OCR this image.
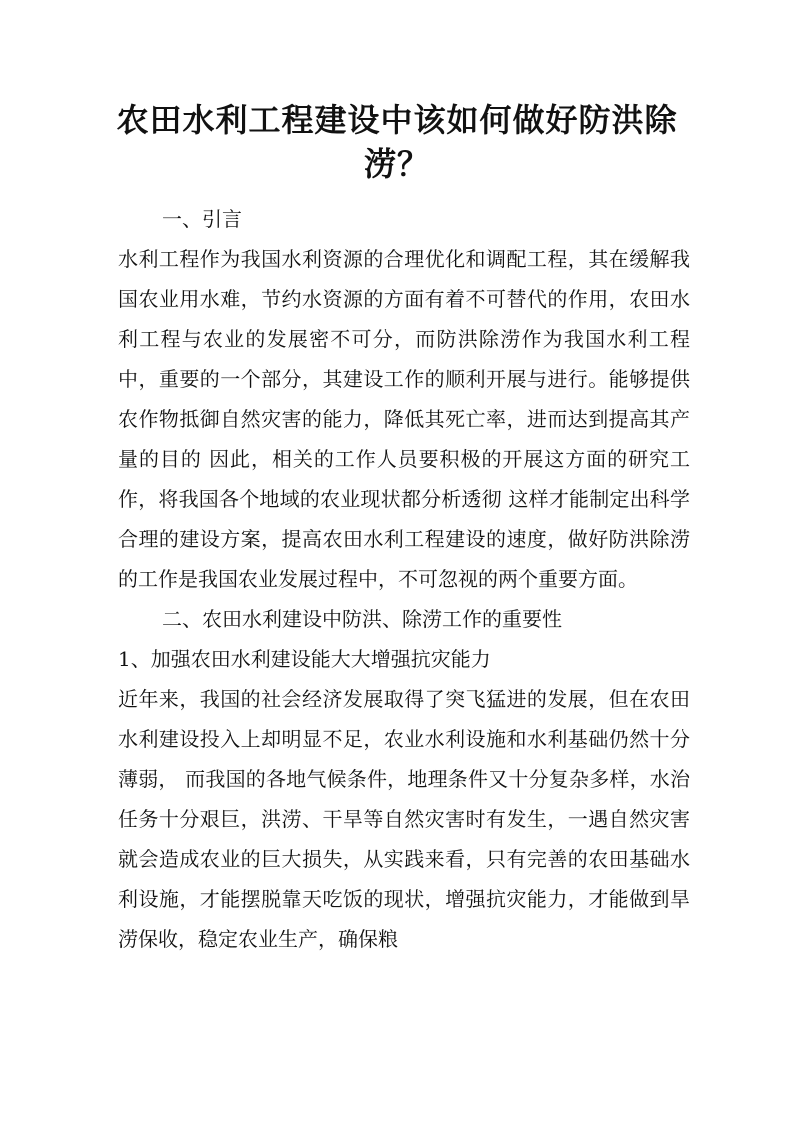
农田水利工程建设中该如何做好防洪除
涝？

一、引言

水利工程作为我国水利资源的合理优化和调配工程，其在缓解我国农业用水难，节约水资源的方面有着不可替代的作用，农田水利工程与农业的发展密不可分，而防洪除涝作为我国水利工程中，重要的一个部分，其建设工作的顺利开展与进行。能够提供农作物抵御自然灾害的能力，降低其死亡率，进而达到提高其产量的目的 因此，相关的工作人员要积极的开展这方面的研究工作，将我国各个地域的农业现状都分析透彻 这样才能制定出科学合理的建设方案，提高农田水利工程建设的速度，做好防洪除涝的工作是我国农业发展过程中，不可忽视的两个重要方面。

二、农田水利建设中防洪、除涝工作的重要性

1、加强农田水利建设能大大增强抗灾能力

近年来，我国的社会经济发展取得了突飞猛进的发展，但在农田水利建设投入上却明显不足，农业水利设施和水利基础仍然十分薄弱， 而我国的各地气候条件，地理条件又十分复杂多样，水治任务十分艰巨，洪涝、干旱等自然灾害时有发生，一遇自然灾害就会造成农业的巨大损失，从实践来看，只有完善的农田基础水利设施，才能摆脱靠天吃饭的现状，增强抗灾能力，才能做到旱涝保收，稳定农业生产，确保粮
